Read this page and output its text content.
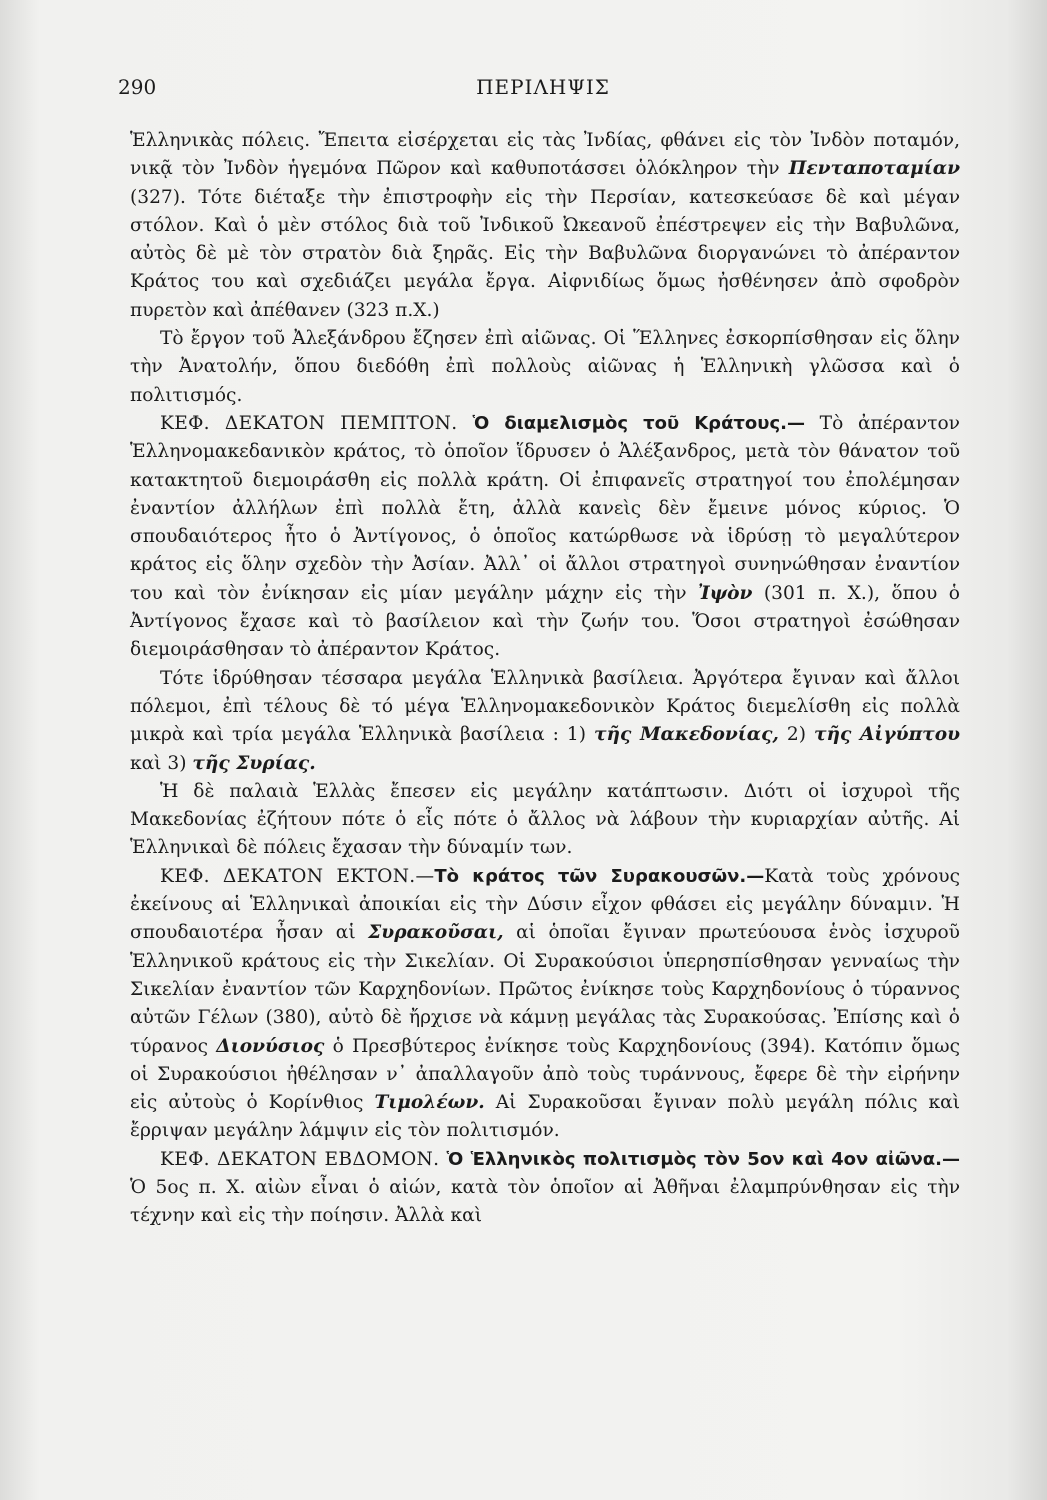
ΠΕΡΙΛΗΨΙΣ
290

Ἑλληνικὰς πόλεις. Ἔπειτα εἰσέρχεται εἰς τὰς Ἰνδίας, φθάνει εἰς τὸν Ἰνδὸν ποταμόν, νικᾷ τὸν Ἰνδὸν ἡγεμόνα Πῶρον καὶ καθυποτάσσει ὁλόκληρον τὴν Πενταποταμίαν (327). Τότε διέταξε τὴν ἐπιστροφὴν εἰς τὴν Περσίαν, κατεσκεύασε δὲ καὶ μέγαν στόλον. Καὶ ὁ μὲν στόλος διὰ τοῦ Ἰνδικοῦ Ὠκεανοῦ ἐπέστρεψεν εἰς τὴν Βαβυλῶνα, αὐτὸς δὲ μὲ τὸν στρατὸν διὰ ξηρᾶς. Εἰς τὴν Βαβυλῶνα διοργανώνει τὸ ἀπέραντον Κράτος του καὶ σχεδιάζει μεγάλα ἔργα. Αἰφνιδίως ὅμως ἠσθένησεν ἀπὸ σφοδρὸν πυρετὸν καὶ ἀπέθανεν (323 π.Χ.)

Τὸ ἔργον τοῦ Ἀλεξάνδρου ἔζησεν ἐπὶ αἰῶνας. Οἱ Ἕλληνες ἐσκορπίσθησαν εἰς ὅλην τὴν Ἀνατολήν, ὅπου διεδόθη ἐπὶ πολλοὺς αἰῶνας ἡ Ἑλληνικὴ γλῶσσα καὶ ὁ πολιτισμός.

ΚΕΦ. ΔΕΚΑΤΟΝ ΠΕΜΠΤΟΝ. Ὁ διαμελισμὸς τοῦ Κράτους.— Τὸ ἀπέραντον Ἑλληνομακεδανικὸν κράτος, τὸ ὁποῖον ἵδρυσεν ὁ Ἀλέξανδρος, μετὰ τὸν θάνατον τοῦ κατακτητοῦ διεμοιράσθη εἰς πολλὰ κράτη. Οἱ ἐπιφανεῖς στρατηγοί του ἐπολέμησαν ἐναντίον ἀλλήλων ἐπὶ πολλὰ ἔτη, ἀλλὰ κανεὶς δὲν ἔμεινε μόνος κύριος. Ὁ σπουδαιότερος ἦτο ὁ Ἀντίγονος, ὁ ὁποῖος κατώρθωσε νὰ ἱδρύσῃ τὸ μεγαλύτερον κράτος εἰς ὅλην σχεδὸν τὴν Ἀσίαν. Ἀλλ᾽ οἱ ἄλλοι στρατηγοὶ συνηνώθησαν ἐναντίον του καὶ τὸν ἐνίκησαν εἰς μίαν μεγάλην μάχην εἰς τὴν Ἰψὸν (301 π. Χ.), ὅπου ὁ Ἀντίγονος ἔχασε καὶ τὸ βασίλειον καὶ τὴν ζωήν του. Ὅσοι στρατηγοὶ ἐσώθησαν διεμοιράσθησαν τὸ ἀπέραντον Κράτος.

Τότε ἱδρύθησαν τέσσαρα μεγάλα Ἑλληνικὰ βασίλεια. Ἀργότερα ἔγιναν καὶ ἄλλοι πόλεμοι, ἐπὶ τέλους δὲ τό μέγα Ἑλληνομακεδονικὸν Κράτος διεμελίσθη εἰς πολλὰ μικρὰ καὶ τρία μεγάλα Ἑλληνικὰ βασίλεια : 1) τῆς Μακεδονίας, 2) τῆς Αἰγύπτου καὶ 3) τῆς Συρίας.

Ἡ δὲ παλαιὰ Ἑλλὰς ἔπεσεν εἰς μεγάλην κατάπτωσιν. Διότι οἱ ἰσχυροὶ τῆς Μακεδονίας ἐζήτουν πότε ὁ εἷς πότε ὁ ἄλλος νὰ λάβουν τὴν κυριαρχίαν αὐτῆς. Αἱ Ἑλληνικαὶ δὲ πόλεις ἔχασαν τὴν δύναμίν των.

ΚΕΦ. ΔΕΚΑΤΟΝ ΕΚΤΟΝ.—Τὸ κράτος τῶν Συρακουσῶν.—Κατὰ τοὺς χρόνους ἐκείνους αἱ Ἑλληνικαὶ ἀποικίαι εἰς τὴν Δύσιν εἶχον φθάσει εἰς μεγάλην δύναμιν. Ἡ σπουδαιοτέρα ἦσαν αἱ Συρακοῦσαι, αἱ ὁποῖαι ἔγιναν πρωτεύουσα ἑνὸς ἰσχυροῦ Ἑλληνικοῦ κράτους εἰς τὴν Σικελίαν. Οἱ Συρακούσιοι ὑπερησπίσθησαν γενναίως τὴν Σικελίαν ἐναντίον τῶν Καρχηδονίων. Πρῶτος ἐνίκησε τοὺς Καρχηδονίους ὁ τύραννος αὐτῶν Γέλων (380), αὐτὸ δὲ ἤρχισε νὰ κάμνῃ μεγάλας τὰς Συρακούσας. Ἐπίσης καὶ ὁ τύρανος Διονύσιος ὁ Πρεσβύτερος ἐνίκησε τοὺς Καρχηδονίους (394). Κατόπιν ὅμως οἱ Συρακούσιοι ἠθέλησαν ν᾽ ἀπαλλαγοῦν ἀπὸ τοὺς τυράννους, ἔφερε δὲ τὴν εἰρήνην εἰς αὐτοὺς ὁ Κορίνθιος Τιμολέων. Αἱ Συρακοῦσαι ἔγιναν πολὺ μεγάλη πόλις καὶ ἔρριψαν μεγάλην λάμψιν εἰς τὸν πολιτισμόν.

ΚΕΦ. ΔΕΚΑΤΟΝ ΕΒΔΟΜΟΝ. Ὁ Ἑλληνικὸς πολιτισμὸς τὸν 5ον καὶ 4ον αἰῶνα.—Ὁ 5ος π. Χ. αἰὼν εἶναι ὁ αἰών, κατὰ τὸν ὁποῖον αἱ Ἀθῆναι ἐλαμπρύνθησαν εἰς τὴν τέχνην καὶ εἰς τὴν ποίησιν. Ἀλλὰ καὶ
